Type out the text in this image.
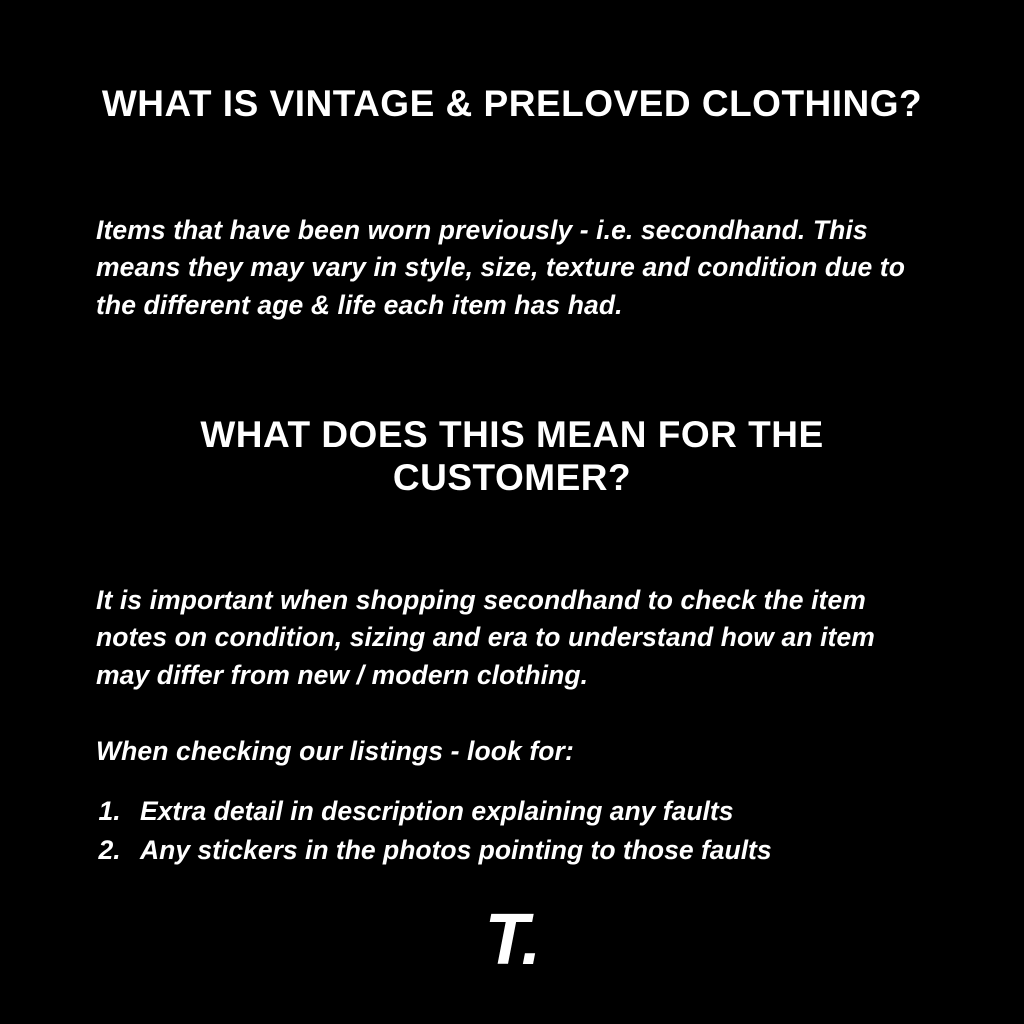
WHAT IS VINTAGE & PRELOVED CLOTHING?

Items that have been worn previously - i.e. secondhand. This means they may vary in style, size, texture and condition due to the different age & life each item has had.

WHAT DOES THIS MEAN FOR THE
CUSTOMER?

It is important when shopping secondhand to check the item notes on condition, sizing and era to understand how an item may differ from new / modern clothing.

When checking our listings - look for:

1. Extra detail in description explaining any faults
2. Any stickers in the photos pointing to those faults
T.
